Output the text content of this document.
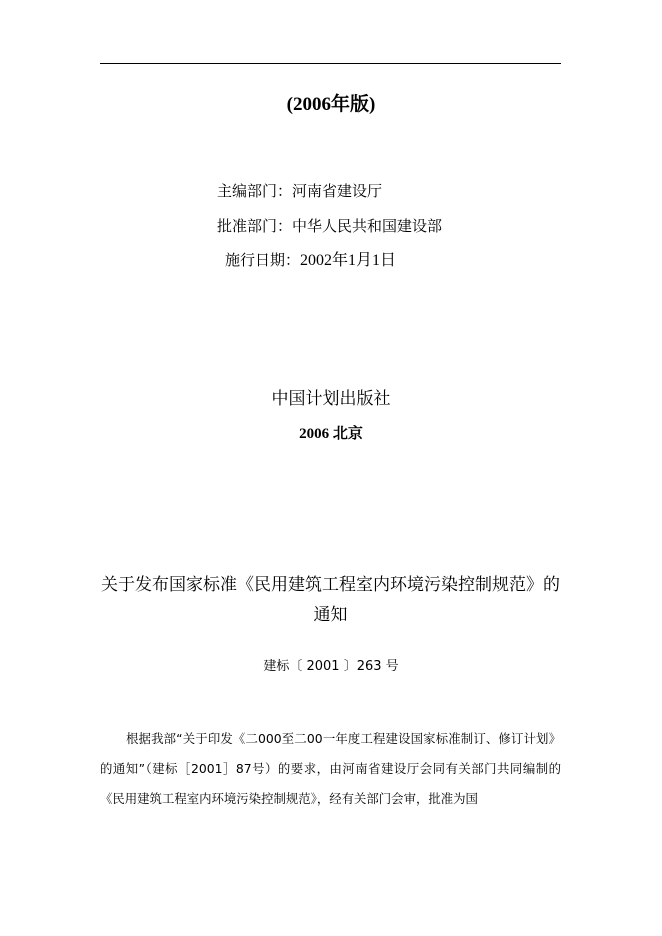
(2006年版)
主编部门：河南省建设厅
批准部门：中华人民共和国建设部
施行日期：2002年1月1日
中国计划出版社
2006 北京
关于发布国家标准《民用建筑工程室内环境污染控制规范》的通知
建标〔 2001 〕263 号

根据我部“关于印发《二000至二00一年度工程建设国家标准制订、修订计划》的通知”（建标［2001］87号）的要求，由河南省建设厅会同有关部门共同编制的《民用建筑工程室内环境污染控制规范》，经有关部门会审，批准为国
